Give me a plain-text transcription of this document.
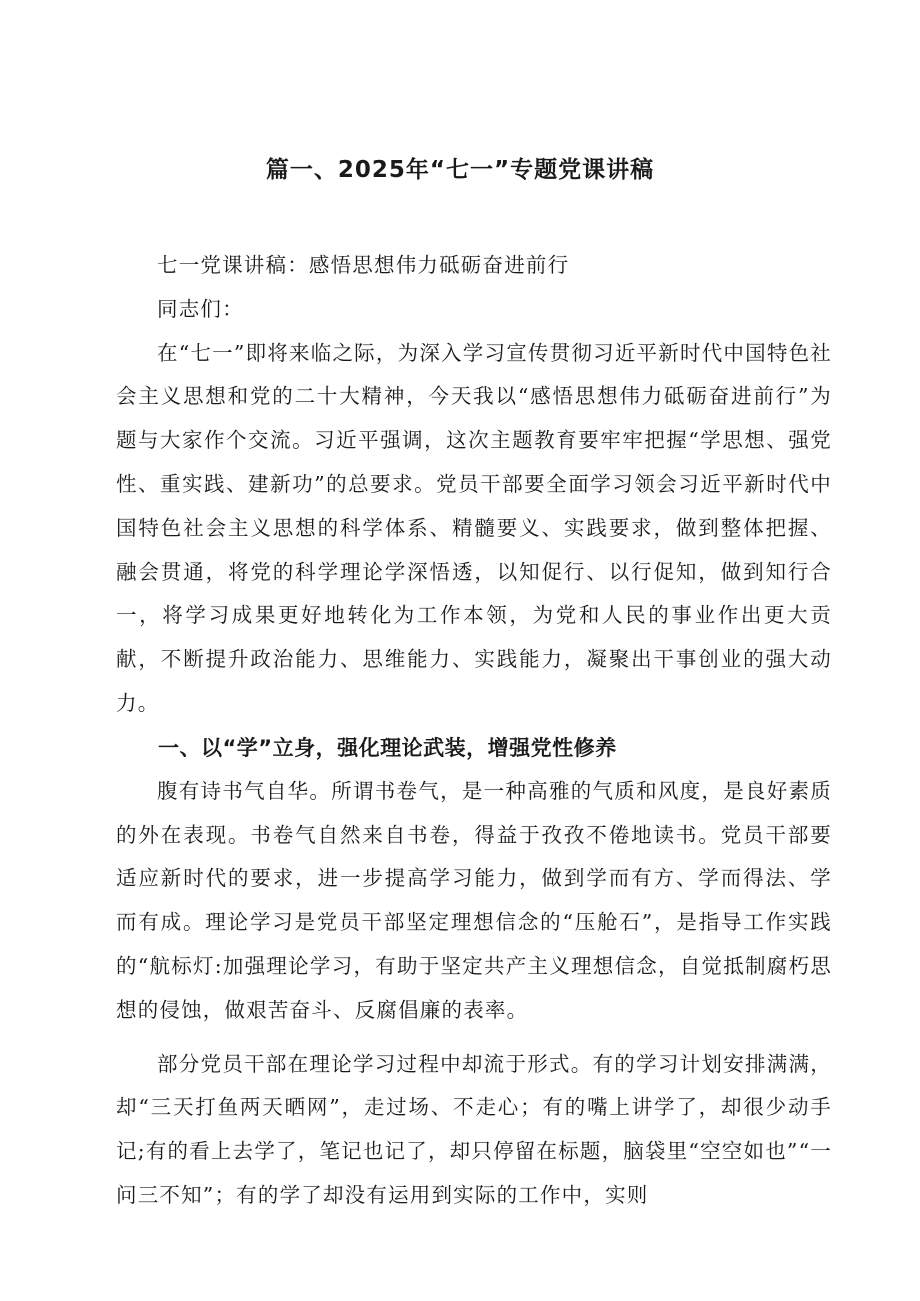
篇一、2025年“七一”专题党课讲稿

七一党课讲稿：感悟思想伟力砥砺奋进前行

同志们：

在“七一”即将来临之际，为深入学习宣传贯彻习近平新时代中国特色社会主义思想和党的二十大精神，今天我以“感悟思想伟力砥砺奋进前行”为题与大家作个交流。习近平强调，这次主题教育要牢牢把握“学思想、强党性、重实践、建新功”的总要求。党员干部要全面学习领会习近平新时代中国特色社会主义思想的科学体系、精髓要义、实践要求，做到整体把握、融会贯通，将党的科学理论学深悟透，以知促行、以行促知，做到知行合一，将学习成果更好地转化为工作本领，为党和人民的事业作出更大贡献，不断提升政治能力、思维能力、实践能力，凝聚出干事创业的强大动力。

一、以“学”立身，强化理论武装，增强党性修养

腹有诗书气自华。所谓书卷气，是一种高雅的气质和风度，是良好素质的外在表现。书卷气自然来自书卷，得益于孜孜不倦地读书。党员干部要适应新时代的要求，进一步提高学习能力，做到学而有方、学而得法、学而有成。理论学习是党员干部坚定理想信念的“压舱石”，是指导工作实践的“航标灯:加强理论学习，有助于坚定共产主义理想信念，自觉抵制腐朽思想的侵蚀，做艰苦奋斗、反腐倡廉的表率。

部分党员干部在理论学习过程中却流于形式。有的学习计划安排满满，却“三天打鱼两天晒网”，走过场、不走心；有的嘴上讲学了，却很少动手记;有的看上去学了，笔记也记了，却只停留在标题，脑袋里“空空如也”“一问三不知”；有的学了却没有运用到实际的工作中，实则
